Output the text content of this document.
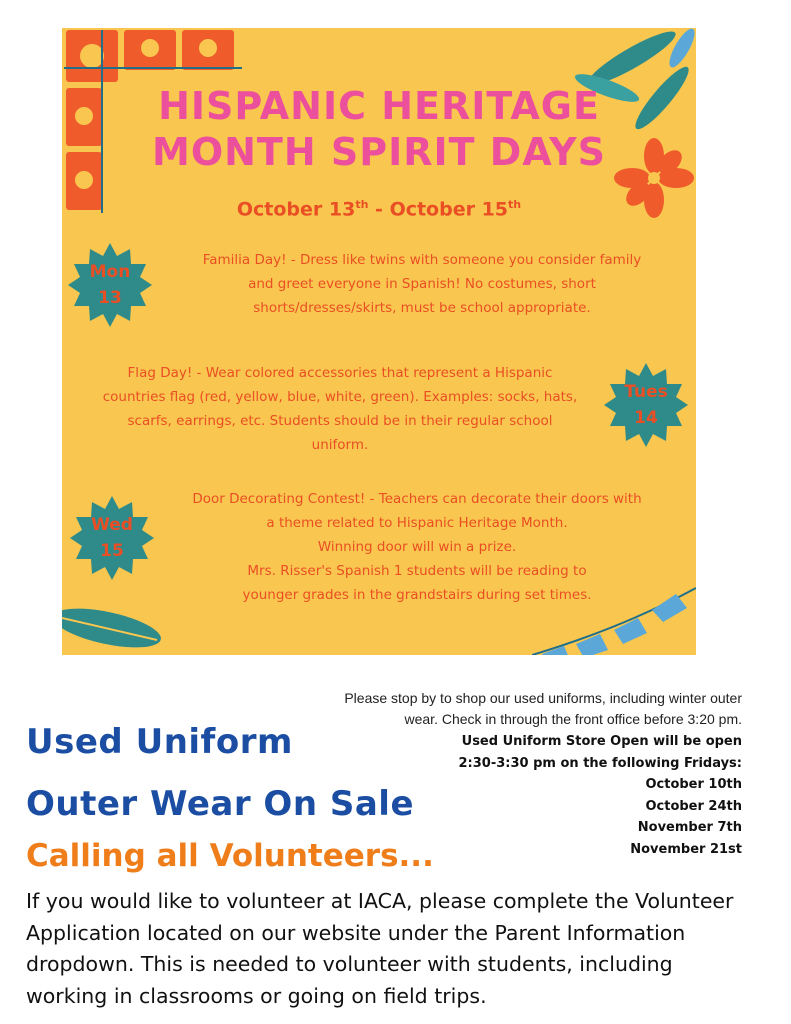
HISPANIC HERITAGE
MONTH SPIRIT DAYS
October 13th - October 15th
Mon
13
Familia Day! - Dress like twins with someone you consider family
and greet everyone in Spanish! No costumes, short
shorts/dresses/skirts, must be school appropriate.
Tues
14
Flag Day! - Wear colored accessories that represent a Hispanic
countries flag (red, yellow, blue, white, green). Examples: socks, hats,
scarfs, earrings, etc. Students should be in their regular school
uniform.
Wed
15
Door Decorating Contest! - Teachers can decorate their doors with
a theme related to Hispanic Heritage Month.
Winning door will win a prize.
Mrs. Risser's Spanish 1 students will be reading to
younger grades in the grandstairs during set times.
Please stop by to shop our used uniforms, including winter outer
wear. Check in through the front office before 3:20 pm.
Used Uniform
Outer Wear On Sale
Used Uniform Store Open will be open
2:30-3:30 pm on the following Fridays:
October 10th
October 24th
November 7th
November 21st
Calling all Volunteers...
If you would like to volunteer at IACA, please complete the Volunteer
Application located on our website under the Parent Information
dropdown. This is needed to volunteer with students, including
working in classrooms or going on field trips.
